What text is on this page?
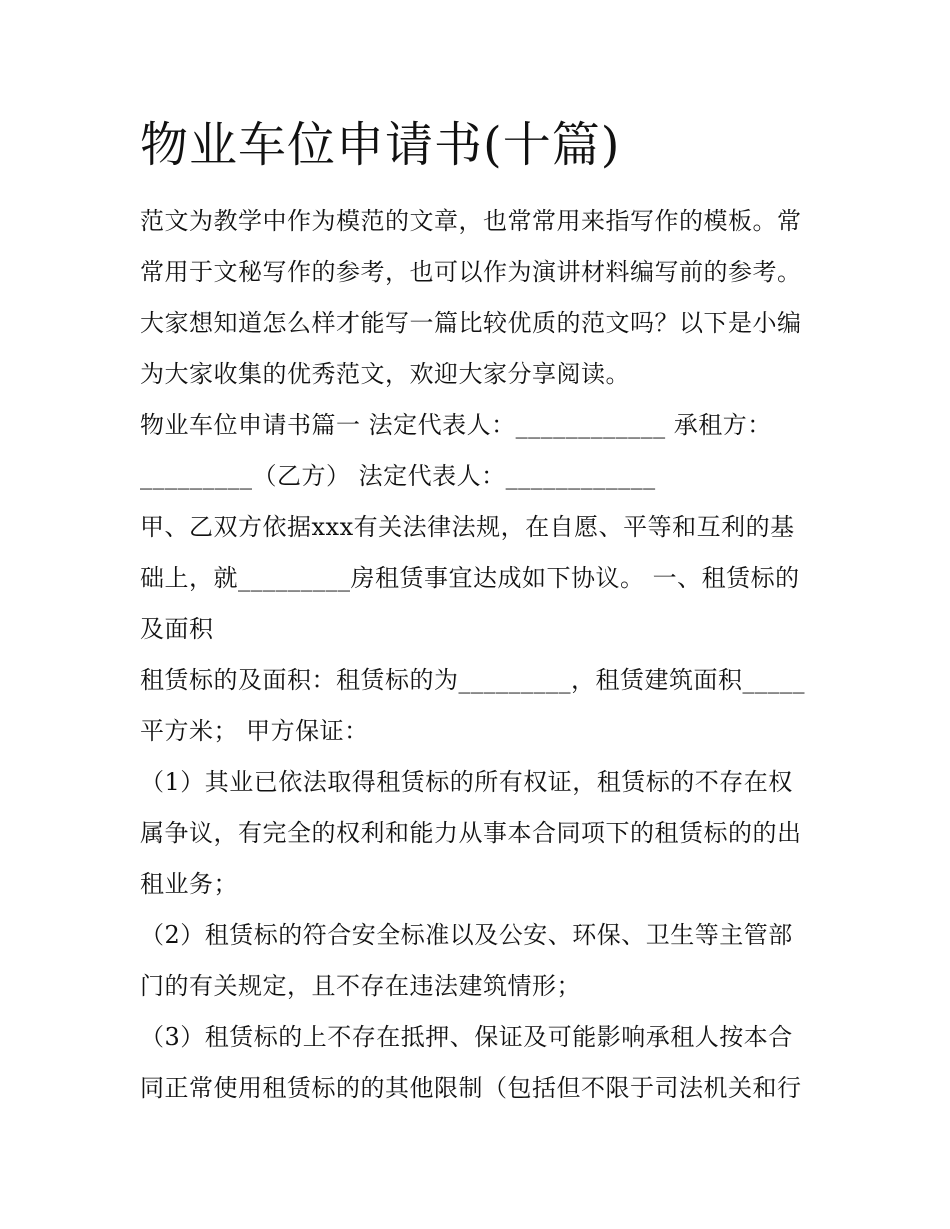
物业车位申请书(十篇)
范文为教学中作为模范的文章，也常常用来指写作的模板。常
常用于文秘写作的参考，也可以作为演讲材料编写前的参考。
大家想知道怎么样才能写一篇比较优质的范文吗？以下是小编
为大家收集的优秀范文，欢迎大家分享阅读。
物业车位申请书篇一 法定代表人：____________ 承租方：
_________（乙方） 法定代表人：____________
甲、乙双方依据xxx有关法律法规，在自愿、平等和互利的基
础上，就_________房租赁事宜达成如下协议。 一、租赁标的
及面积
租赁标的及面积：租赁标的为_________，租赁建筑面积_____
平方米； 甲方保证：
（1）其业已依法取得租赁标的所有权证，租赁标的不存在权
属争议，有完全的权利和能力从事本合同项下的租赁标的的出
租业务；
（2）租赁标的符合安全标准以及公安、环保、卫生等主管部
门的有关规定，且不存在违法建筑情形；
（3）租赁标的上不存在抵押、保证及可能影响承租人按本合
同正常使用租赁标的的其他限制（包括但不限于司法机关和行
